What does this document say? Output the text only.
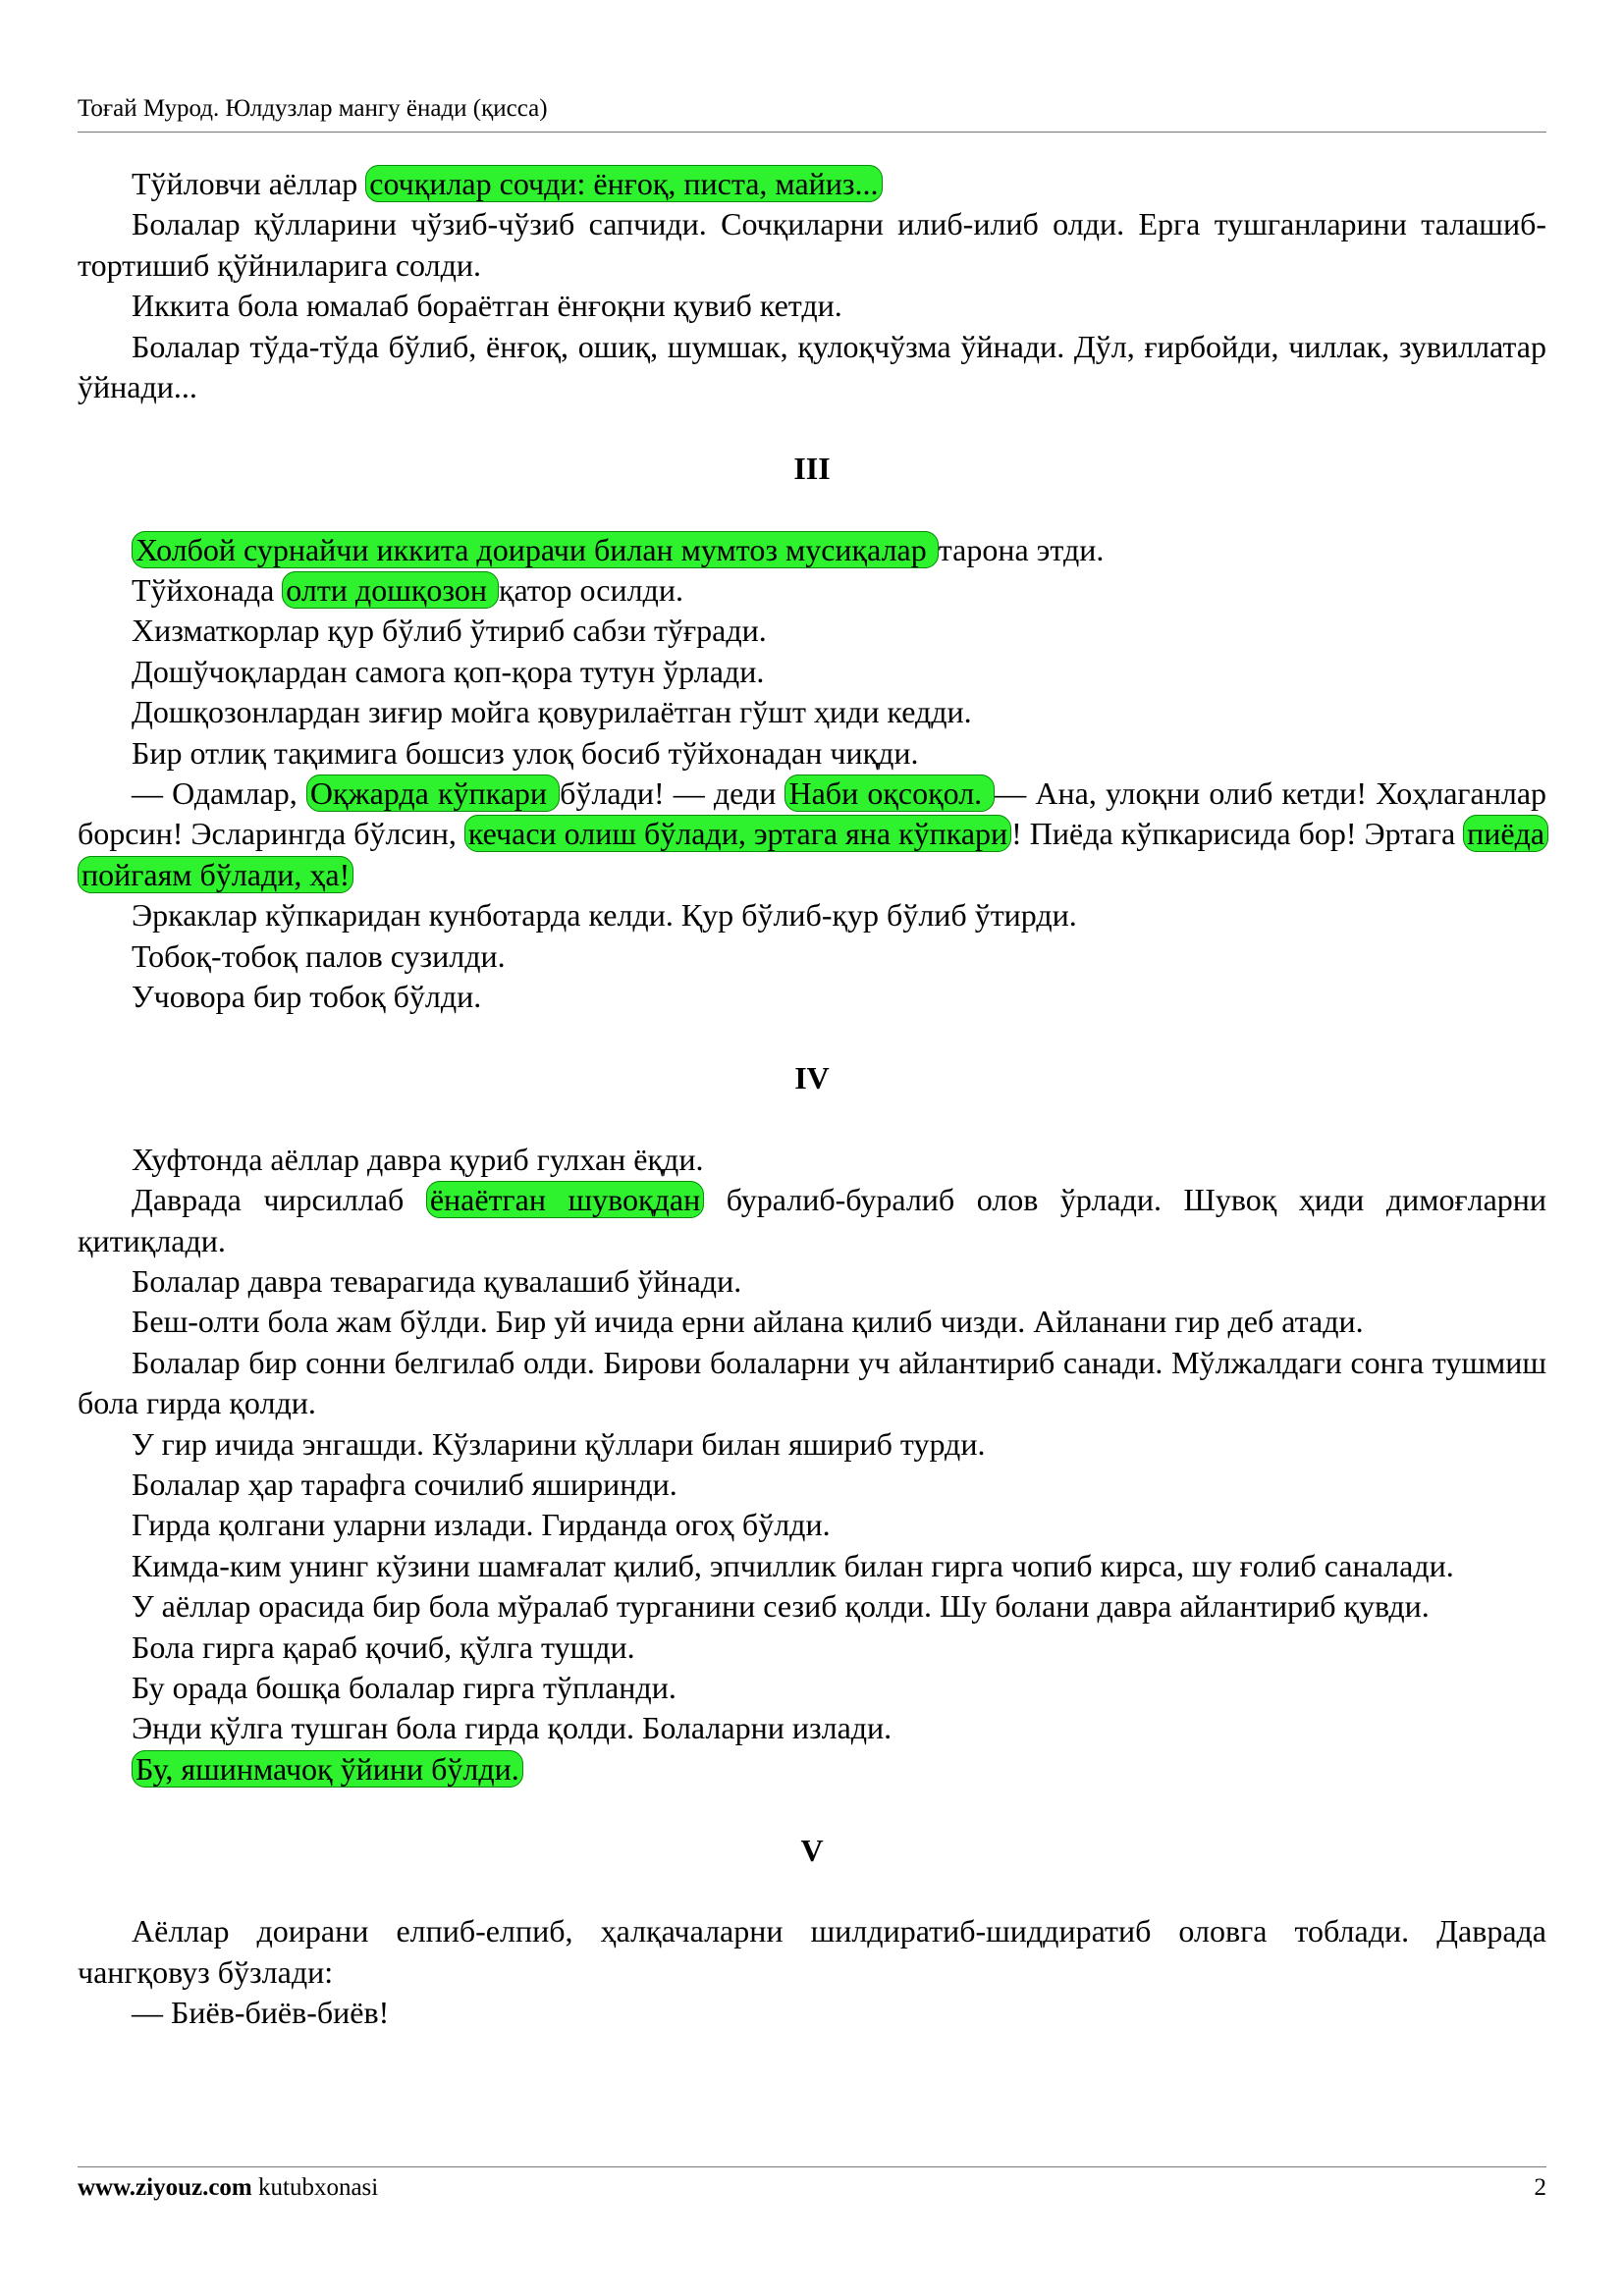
Тоғай Мурод. Юлдузлар мангу ёнади (қисса)

Тўйловчи аёллар сочқилар сочди: ёнғоқ, писта, майиз...

Болалар қўлларини чўзиб-чўзиб сапчиди. Сочқиларни илиб-илиб олди. Ерга тушганларини талашиб-тортишиб қўйниларига солди.

Иккита бола юмалаб бораётган ёнғоқни қувиб кетди.

Болалар тўда-тўда бўлиб, ёнғоқ, ошиқ, шумшак, қулоқчўзма ўйнади. Дўл, ғирбойди, чиллак, зувиллатар ўйнади...

III

Холбой сурнайчи иккита доирачи билан мумтоз мусиқалар тарона этди.

Тўйхонада олти дошқозон қатор осилди.

Хизматкорлар қур бўлиб ўтириб сабзи тўғради.

Дошўчоқлардан самога қоп-қора тутун ўрлади.

Дошқозонлардан зиғир мойга қовурилаётган гўшт ҳиди кедди.

Бир отлиқ тақимига бошсиз улоқ босиб тўйхонадан чиқди.

— Одамлар, Оқжарда кўпкари бўлади! — деди Наби оқсоқол. — Ана, улоқни олиб кетди! Хоҳлаганлар борсин! Эсларингда бўлсин, кечаси олиш бўлади, эртага яна кўпкари ! Пиёда кўпкарисида бор! Эртага пиёда пойгаям бўлади, ҳа!

Эркаклар кўпкаридан кунботарда келди. Қур бўлиб-қур бўлиб ўтирди.

Тобоқ-тобоқ палов сузилди.

Учовора бир тобоқ бўлди.

IV

Хуфтонда аёллар давра қуриб гулхан ёқди.

Даврада чирсиллаб ёнаётган шувоқдан буралиб-буралиб олов ўрлади. Шувоқ ҳиди димоғларни қитиқлади.

Болалар давра теварагида қувалашиб ўйнади.

Беш-олти бола жам бўлди. Бир уй ичида ерни айлана қилиб чизди. Айланани гир деб атади.

Болалар бир сонни белгилаб олди. Бирови болаларни уч айлантириб санади. Мўлжалдаги сонга тушмиш бола гирда қолди.

У гир ичида энгашди. Кўзларини қўллари билан яшириб турди.

Болалар ҳар тарафга сочилиб яширинди.

Гирда қолгани уларни излади. Гирданда огоҳ бўлди.

Кимда-ким унинг кўзини шамғалат қилиб, эпчиллик билан гирга чопиб кирса, шу ғолиб саналади.

У аёллар орасида бир бола мўралаб турганини сезиб қолди. Шу болани давра айлантириб қувди.

Бола гирга қараб қочиб, қўлга тушди.

Бу орада бошқа болалар гирга тўпланди.

Энди қўлга тушган бола гирда қолди. Болаларни излади.

Бу, яшинмачоқ ўйини бўлди.

V

Аёллар доирани елпиб-елпиб, ҳалқачаларни шилдиратиб-шиддиратиб оловга тоблади. Даврада чангқовуз бўзлади:

— Биёв-биёв-биёв!

www.ziyouz.com kutubxonasi	2
